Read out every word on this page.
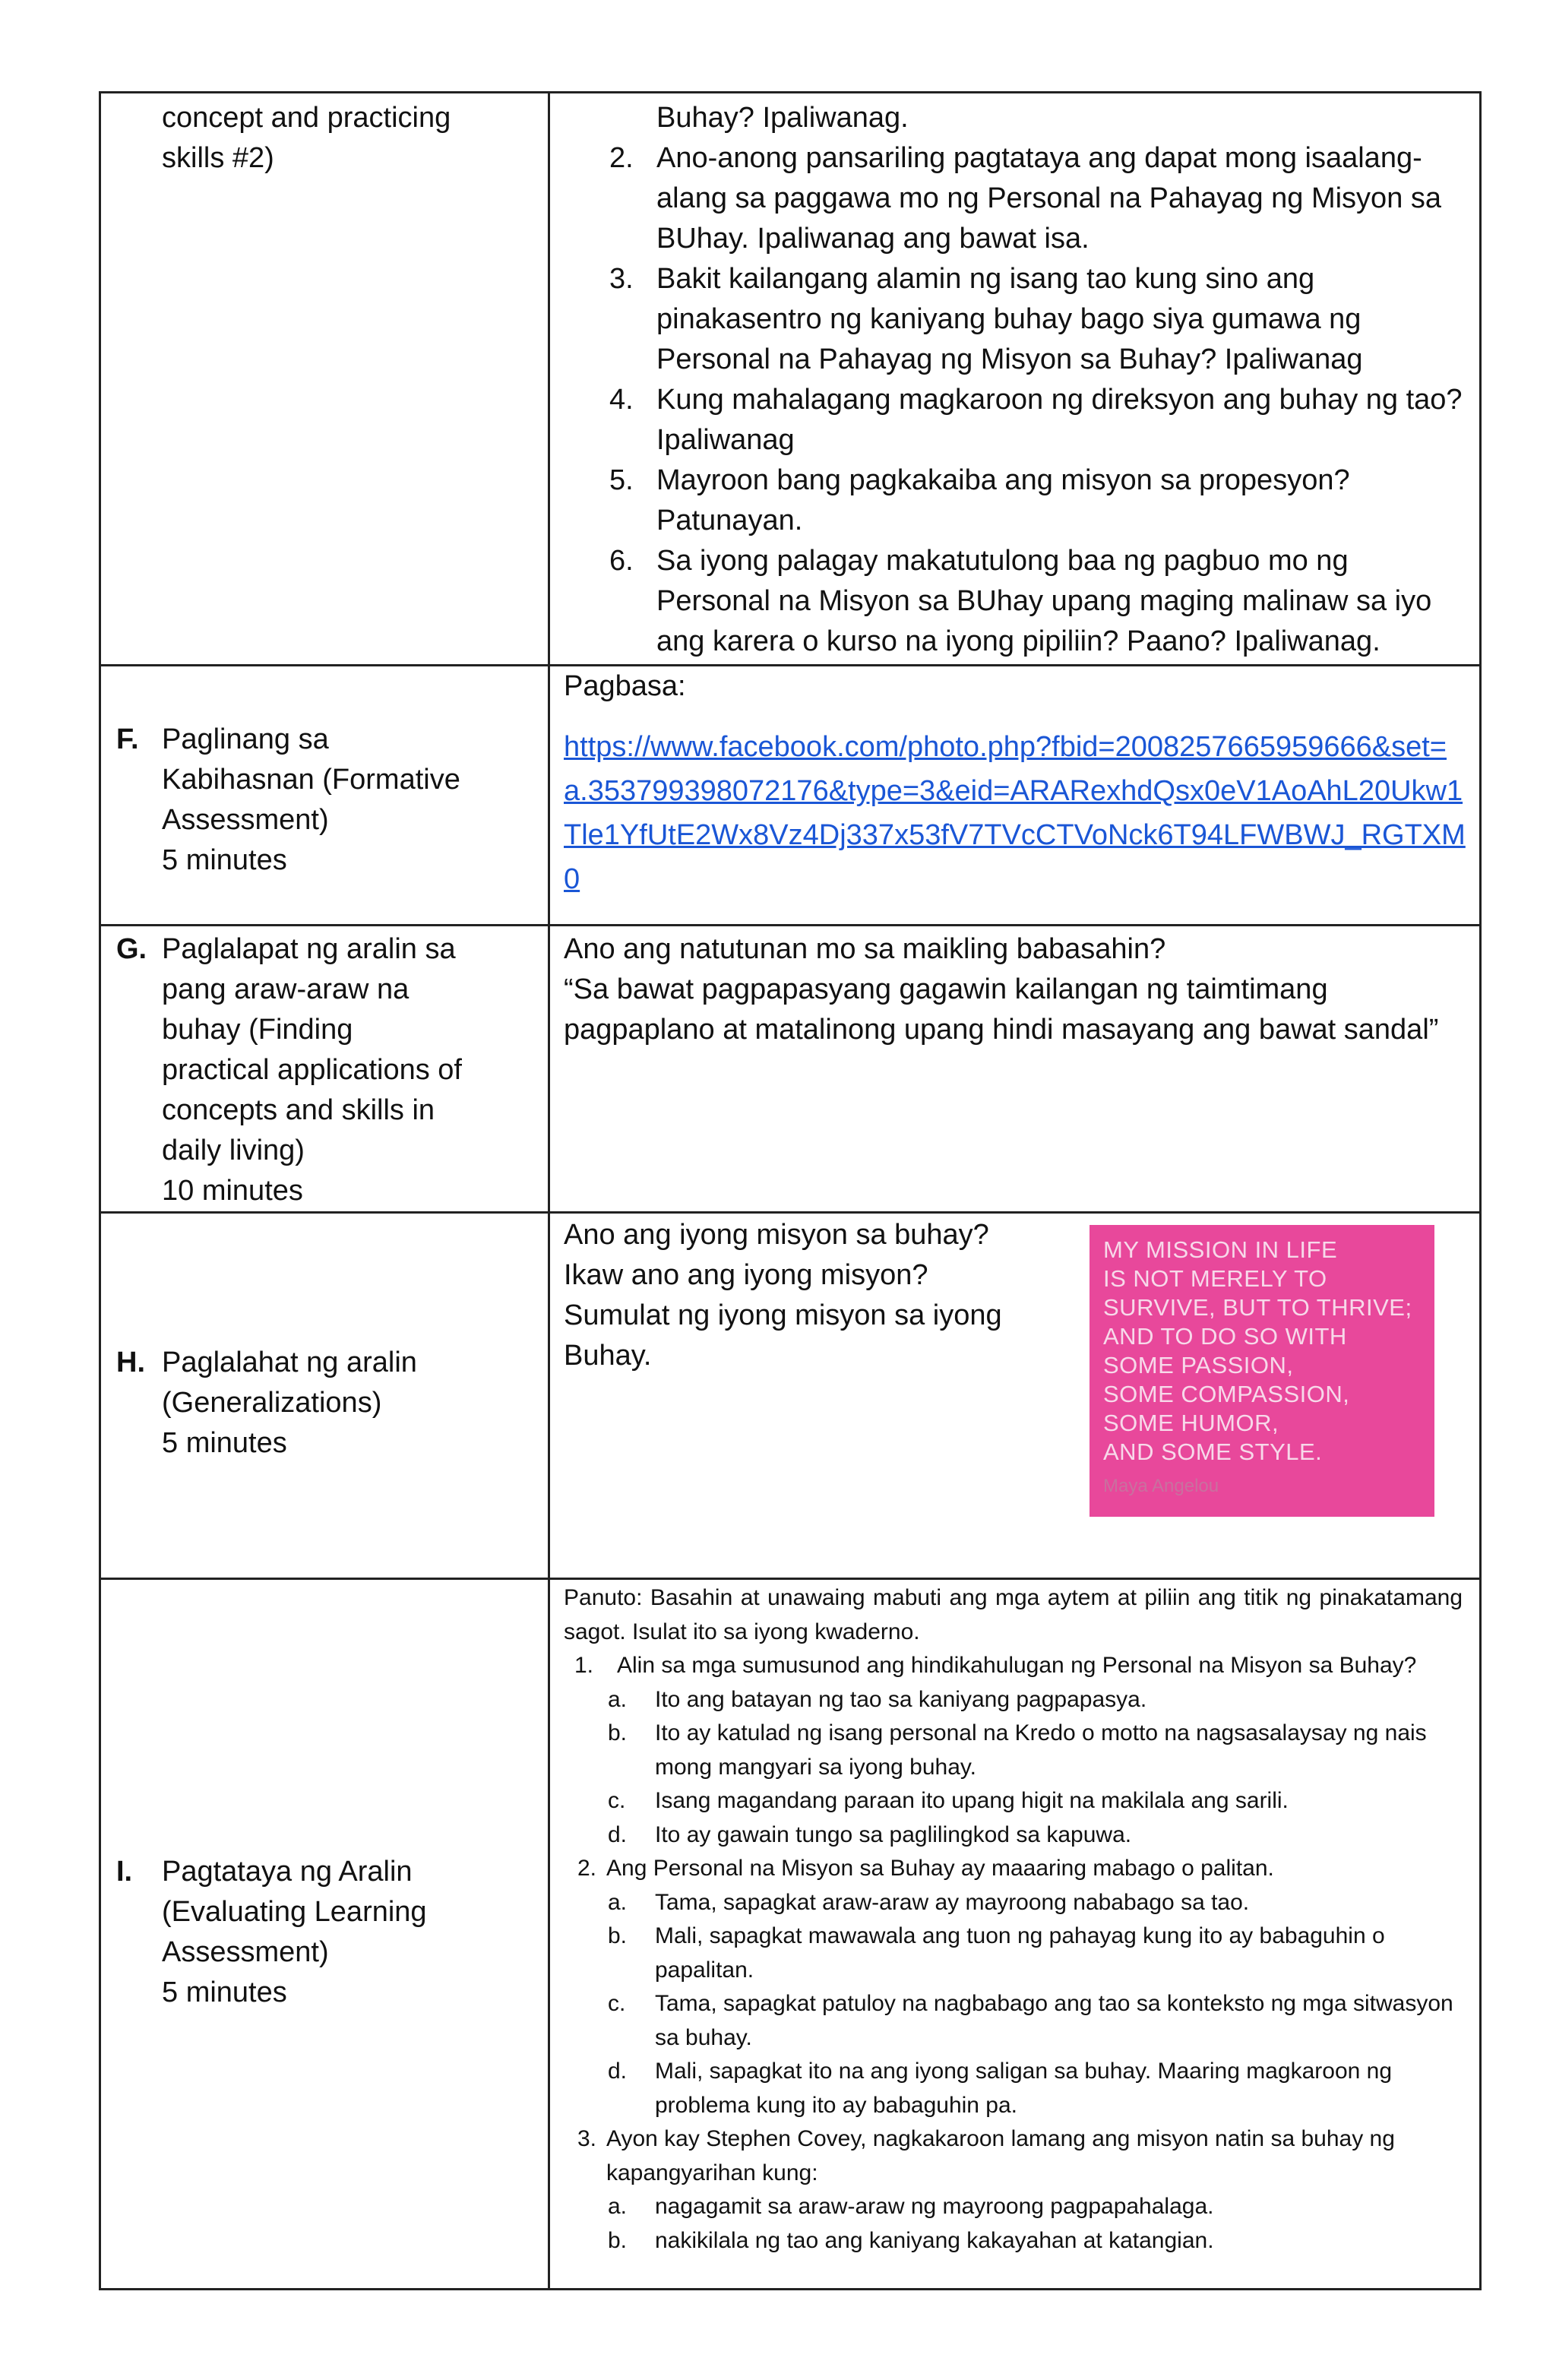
concept and practicing
skills #2)
Buhay? Ipaliwanag.
2. Ano-anong pansariling pagtataya ang dapat mong isaalang-alang sa paggawa mo ng Personal na Pahayag ng Misyon sa BUhay. Ipaliwanag ang bawat isa.
3. Bakit kailangang alamin ng isang tao kung sino ang pinakasentro ng kaniyang buhay bago siya gumawa ng Personal na Pahayag ng Misyon sa Buhay? Ipaliwanag
4. Kung mahalagang magkaroon ng direksyon ang buhay ng tao? Ipaliwanag
5. Mayroon bang pagkakaiba ang misyon sa propesyon? Patunayan.
6. Sa iyong palagay makatutulong baa ng pagbuo mo ng Personal na Misyon sa BUhay upang maging malinaw sa iyo ang karera o kurso na iyong pipiliin? Paano? Ipaliwanag.
F. Paglinang sa
Kabihasnan (Formative
Assessment)
5 minutes
Pagbasa:
https://www.facebook.com/photo.php?fbid=2008257665959666&set=a.353799398072176&type=3&eid=ARARexhdQsx0eV1AoAhL20Ukw1Tle1YfUtE2Wx8Vz4Dj337x53fV7TVcCTVoNck6T94LFWBWJ_RGTXM0
G. Paglalapat ng aralin sa
pang araw-araw na
buhay (Finding
practical applications of
concepts and skills in
daily living)
10 minutes
Ano ang natutunan mo sa maikling babasahin?
“Sa bawat pagpapasyang gagawin kailangan ng taimtimang pagpaplano at matalinong upang hindi masayang ang bawat sandal”
H. Paglalahat ng aralin
(Generalizations)
5 minutes
Ano ang iyong misyon sa buhay?
Ikaw ano ang iyong misyon?
Sumulat ng iyong misyon sa iyong
Buhay.
I. Pagtataya ng Aralin
(Evaluating Learning
Assessment)
5 minutes
Panuto: Basahin at unawaing mabuti ang mga aytem at piliin ang titik ng pinakatamang sagot. Isulat ito sa iyong kwaderno.
1. Alin sa mga sumusunod ang hindikahulugan ng Personal na Misyon sa Buhay?
a. Ito ang batayan ng tao sa kaniyang pagpapasya.
b. Ito ay katulad ng isang personal na Kredo o motto na nagsasalaysay ng nais mong mangyari sa iyong buhay.
c. Isang magandang paraan ito upang higit na makilala ang sarili.
d. Ito ay gawain tungo sa paglilingkod sa kapuwa.
2. Ang Personal na Misyon sa Buhay ay maaaring mabago o palitan.
a. Tama, sapagkat araw-araw ay mayroong nababago sa tao.
b. Mali, sapagkat mawawala ang tuon ng pahayag kung ito ay babaguhin o papalitan.
c. Tama, sapagkat patuloy na nagbabago ang tao sa konteksto ng mga sitwasyon sa buhay.
d. Mali, sapagkat ito na ang iyong saligan sa buhay. Maaring magkaroon ng problema kung ito ay babaguhin pa.
3. Ayon kay Stephen Covey, nagkakaroon lamang ang misyon natin sa buhay ng kapangyarihan kung:
a. nagagamit sa araw-araw ng mayroong pagpapahalaga.
b. nakikilala ng tao ang kaniyang kakayahan at katangian.
MY MISSION IN LIFE
IS NOT MERELY TO
SURVIVE, BUT TO THRIVE;
AND TO DO SO WITH
SOME PASSION,
SOME COMPASSION,
SOME HUMOR,
AND SOME STYLE.
Maya Angelou
